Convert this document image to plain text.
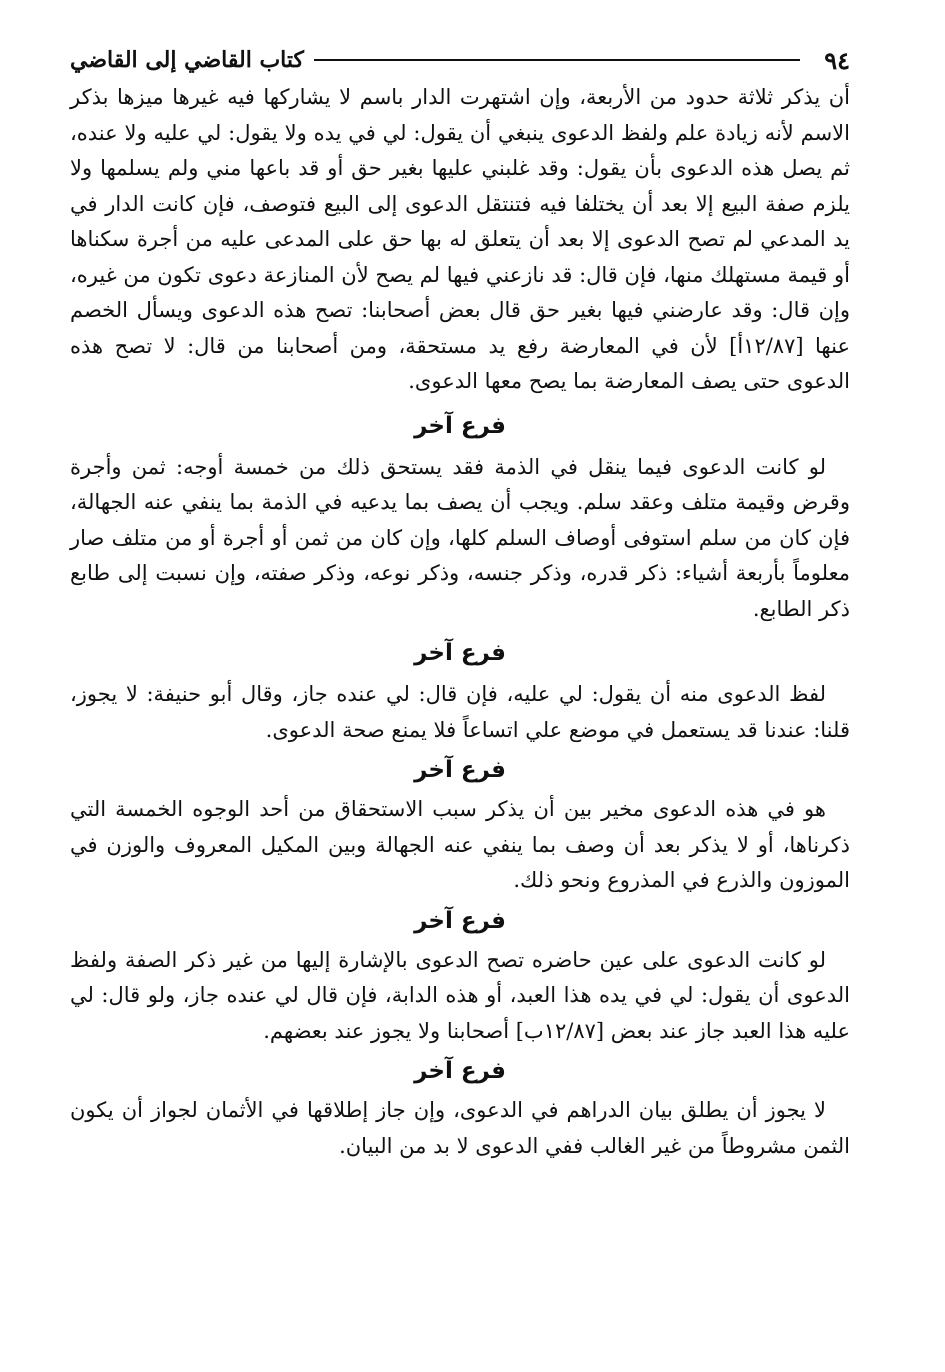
٩٤
كتاب القاضي إلى القاضي

أن يذكر ثلاثة حدود من الأربعة، وإن اشتهرت الدار باسم لا يشاركها فيه غيرها ميزها بذكر الاسم لأنه زيادة علم ولفظ الدعوى ينبغي أن يقول: لي في يده ولا يقول: لي عليه ولا عنده، ثم يصل هذه الدعوى بأن يقول: وقد غلبني عليها بغير حق أو قد باعها مني ولم يسلمها ولا يلزم صفة البيع إلا بعد أن يختلفا فيه فتنتقل الدعوى إلى البيع فتوصف، فإن كانت الدار في يد المدعي لم تصح الدعوى إلا بعد أن يتعلق له بها حق على المدعى عليه من أجرة سكناها أو قيمة مستهلك منها، فإن قال: قد نازعني فيها لم يصح لأن المنازعة دعوى تكون من غيره، وإن قال: وقد عارضني فيها بغير حق قال بعض أصحابنا: تصح هذه الدعوى ويسأل الخصم عنها [١٢/٨٧أ] لأن في المعارضة رفع يد مستحقة، ومن أصحابنا من قال: لا تصح هذه الدعوى حتى يصف المعارضة بما يصح معها الدعوى.

فرع آخر

لو كانت الدعوى فيما ينقل في الذمة فقد يستحق ذلك من خمسة أوجه: ثمن وأجرة وقرض وقيمة متلف وعقد سلم. ويجب أن يصف بما يدعيه في الذمة بما ينفي عنه الجهالة، فإن كان من سلم استوفى أوصاف السلم كلها، وإن كان من ثمن أو أجرة أو من متلف صار معلوماً بأربعة أشياء: ذكر قدره، وذكر جنسه، وذكر نوعه، وذكر صفته، وإن نسبت إلى طابع ذكر الطابع.

فرع آخر

لفظ الدعوى منه أن يقول: لي عليه، فإن قال: لي عنده جاز، وقال أبو حنيفة: لا يجوز، قلنا: عندنا قد يستعمل في موضع علي اتساعاً فلا يمنع صحة الدعوى.

فرع آخر

هو في هذه الدعوى مخير بين أن يذكر سبب الاستحقاق من أحد الوجوه الخمسة التي ذكرناها، أو لا يذكر بعد أن وصف بما ينفي عنه الجهالة وبين المكيل المعروف والوزن في الموزون والذرع في المذروع ونحو ذلك.

فرع آخر

لو كانت الدعوى على عين حاضره تصح الدعوى بالإشارة إليها من غير ذكر الصفة ولفظ الدعوى أن يقول: لي في يده هذا العبد، أو هذه الدابة، فإن قال لي عنده جاز، ولو قال: لي عليه هذا العبد جاز عند بعض [١٢/٨٧ب] أصحابنا ولا يجوز عند بعضهم.

فرع آخر

لا يجوز أن يطلق بيان الدراهم في الدعوى، وإن جاز إطلاقها في الأثمان لجواز أن يكون الثمن مشروطاً من غير الغالب ففي الدعوى لا بد من البيان.
